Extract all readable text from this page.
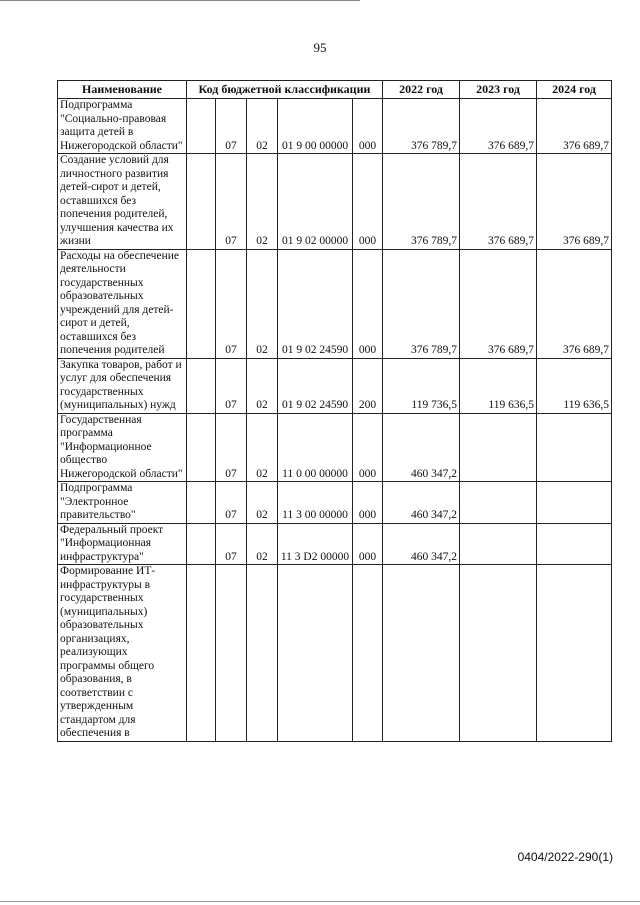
95
Наименование	Код бюджетной классификации					2022 год	2023 год	2024 год
Подпрограмма "Социально-правовая защита детей в Нижегородской области"		07	02	01 9 00 00000	000	376 789,7	376 689,7	376 689,7
Создание условий для личностного развития детей-сирот и детей, оставшихся без попечения родителей, улучшения качества их жизни		07	02	01 9 02 00000	000	376 789,7	376 689,7	376 689,7
Расходы на обеспечение деятельности государственных образовательных учреждений для детей-сирот и детей, оставшихся без попечения родителей		07	02	01 9 02 24590	000	376 789,7	376 689,7	376 689,7
Закупка товаров, работ и услуг для обеспечения государственных (муниципальных) нужд		07	02	01 9 02 24590	200	119 736,5	119 636,5	119 636,5
Государственная программа "Информационное общество Нижегородской области"		07	02	11 0 00 00000	000	460 347,2		
Подпрограмма "Электронное правительство"		07	02	11 3 00 00000	000	460 347,2		
Федеральный проект "Информационная инфраструктура"		07	02	11 3 D2 00000	000	460 347,2		
Формирование ИТ-инфраструктуры в государственных (муниципальных) образовательных организациях, реализующих программы общего образования, в соответствии с утвержденным стандартом для обеспечения в								
0404/2022-290(1)
